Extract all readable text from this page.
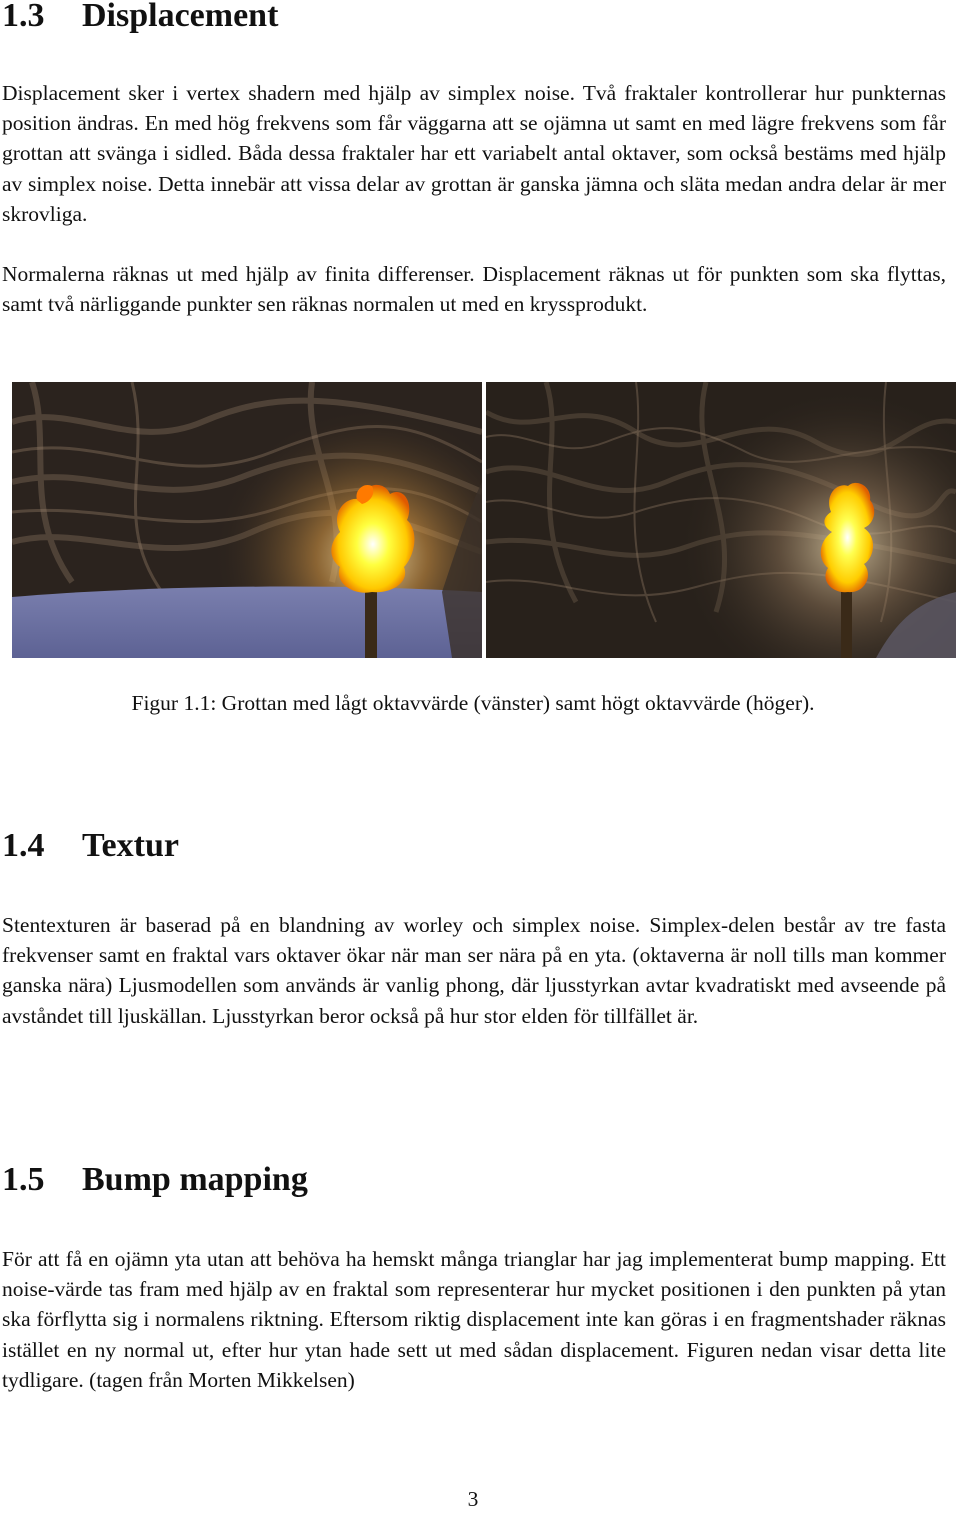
1.3 Displacement

Displacement sker i vertex shadern med hjälp av simplex noise. Två fraktaler kontrollerar hur punkternas position ändras. En med hög frekvens som får väggarna att se ojämna ut samt en med lägre frekvens som får grottan att svänga i sidled. Båda dessa fraktaler har ett variabelt antal oktaver, som också bestäms med hjälp av simplex noise. Detta innebär att vissa delar av grottan är ganska jämna och släta medan andra delar är mer skrovliga.

Normalerna räknas ut med hjälp av finita differenser. Displacement räknas ut för punkten som ska flyttas, samt två närliggande punkter sen räknas normalen ut med en kryssprodukt.

Figur 1.1: Grottan med lågt oktavvärde (vänster) samt högt oktavvärde (höger).

1.4 Textur

Stentexturen är baserad på en blandning av worley och simplex noise. Simplex-delen består av tre fasta frekvenser samt en fraktal vars oktaver ökar när man ser nära på en yta. (oktaverna är noll tills man kommer ganska nära) Ljusmodellen som används är vanlig phong, där ljusstyrkan avtar kvadratiskt med avseende på avståndet till ljuskällan. Ljusstyrkan beror också på hur stor elden för tillfället är.

1.5 Bump mapping

För att få en ojämn yta utan att behöva ha hemskt många trianglar har jag implementerat bump mapping. Ett noise-värde tas fram med hjälp av en fraktal som representerar hur mycket positionen i den punkten på ytan ska förflytta sig i normalens riktning. Eftersom riktig displacement inte kan göras i en fragmentshader räknas istället en ny normal ut, efter hur ytan hade sett ut med sådan displacement. Figuren nedan visar detta lite tydligare. (tagen från Morten Mikkelsen)

3
